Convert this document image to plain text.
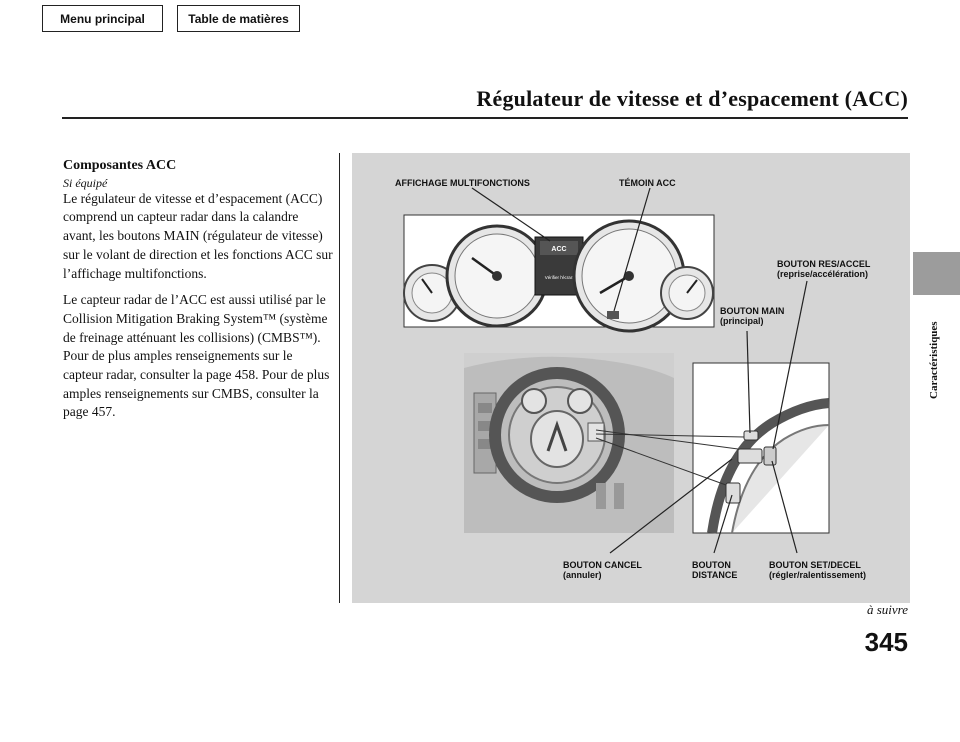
Menu principal	Table de matières
Régulateur de vitesse et d’espacement (ACC)
Caractéristiques
Composantes ACC
Si équipé

Le régulateur de vitesse et d’espacement (ACC) comprend un capteur radar dans la calandre avant, les boutons MAIN (régulateur de vitesse) sur le volant de direction et les fonctions ACC sur l’affichage multifonctions.

Le capteur radar de l’ACC est aussi utilisé par le Collision Mitigation Braking System™ (système de freinage atténuant les collisions) (CMBS™). Pour de plus amples renseignements sur le capteur radar, consulter la page 458. Pour de plus amples renseignements sur CMBS, consulter la page 457.

ACC
Vérifier l'écran
AFFICHAGE MULTIFONCTIONS	TÉMOIN ACC
BOUTON RES/ACCEL
(reprise/accélération)
BOUTON MAIN
(principal)
BOUTON CANCEL
(annuler)
BOUTON
DISTANCE
BOUTON SET/DECEL
(régler/ralentissement)
à suivre
345
